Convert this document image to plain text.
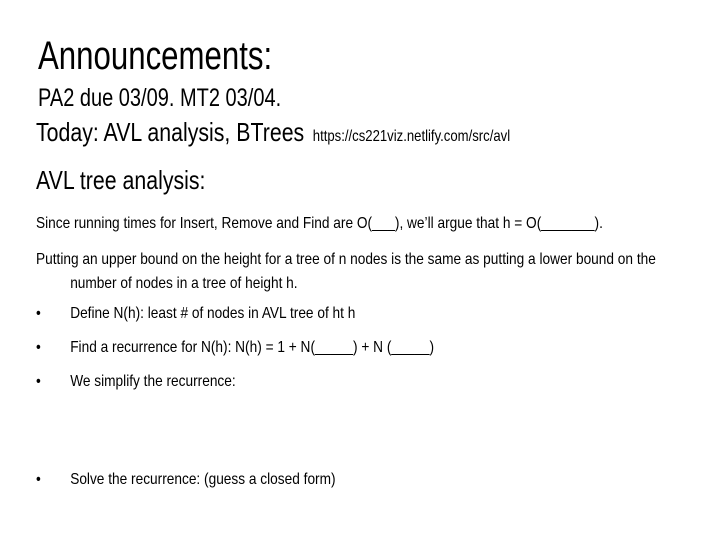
Announcements:
PA2 due 03/09. MT2 03/04.
Today: AVL analysis, BTrees https://cs221viz.netlify.com/src/avl
AVL tree analysis:
Since running times for Insert, Remove and Find are O(___), we’ll argue that h = O(_______).
Putting an upper bound on the height for a tree of n nodes is the same as putting a lower bound on the number of nodes in a tree of height h.
• Define N(h): least # of nodes in AVL tree of ht h
• Find a recurrence for N(h): N(h) = 1 + N(_____) + N (_____)
• We simplify the recurrence:
• Solve the recurrence: (guess a closed form)
